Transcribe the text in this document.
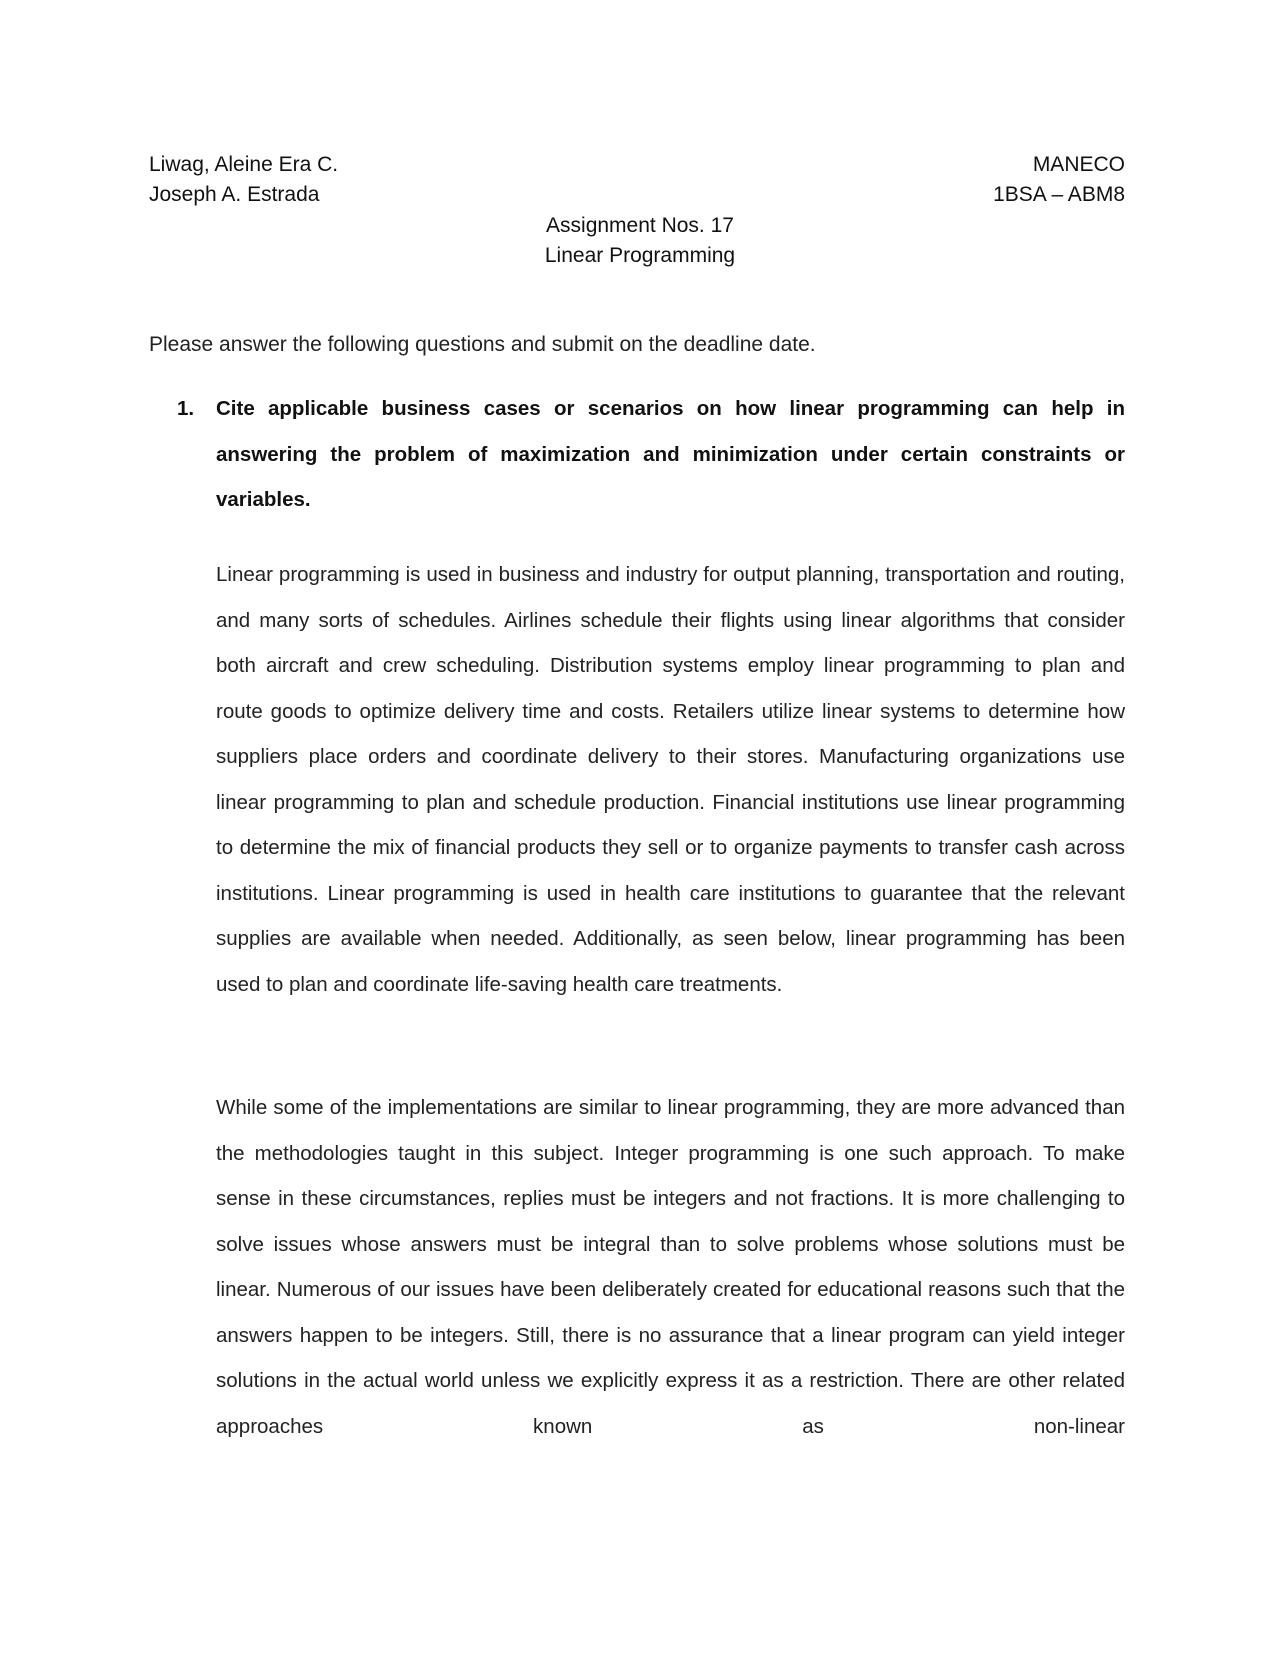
Liwag, Aleine Era C.
Joseph A. Estrada
MANECO
1BSA – ABM8
Assignment Nos. 17
Linear Programming
Please answer the following questions and submit on the deadline date.
1. Cite applicable business cases or scenarios on how linear programming can help in answering the problem of maximization and minimization under certain constraints or variables.

Linear programming is used in business and industry for output planning, transportation and routing, and many sorts of schedules. Airlines schedule their flights using linear algorithms that consider both aircraft and crew scheduling. Distribution systems employ linear programming to plan and route goods to optimize delivery time and costs. Retailers utilize linear systems to determine how suppliers place orders and coordinate delivery to their stores. Manufacturing organizations use linear programming to plan and schedule production. Financial institutions use linear programming to determine the mix of financial products they sell or to organize payments to transfer cash across institutions. Linear programming is used in health care institutions to guarantee that the relevant supplies are available when needed. Additionally, as seen below, linear programming has been used to plan and coordinate life-saving health care treatments.

While some of the implementations are similar to linear programming, they are more advanced than the methodologies taught in this subject. Integer programming is one such approach. To make sense in these circumstances, replies must be integers and not fractions. It is more challenging to solve issues whose answers must be integral than to solve problems whose solutions must be linear. Numerous of our issues have been deliberately created for educational reasons such that the answers happen to be integers. Still, there is no assurance that a linear program can yield integer solutions in the actual world unless we explicitly express it as a restriction. There are other related approaches known as non-linear
